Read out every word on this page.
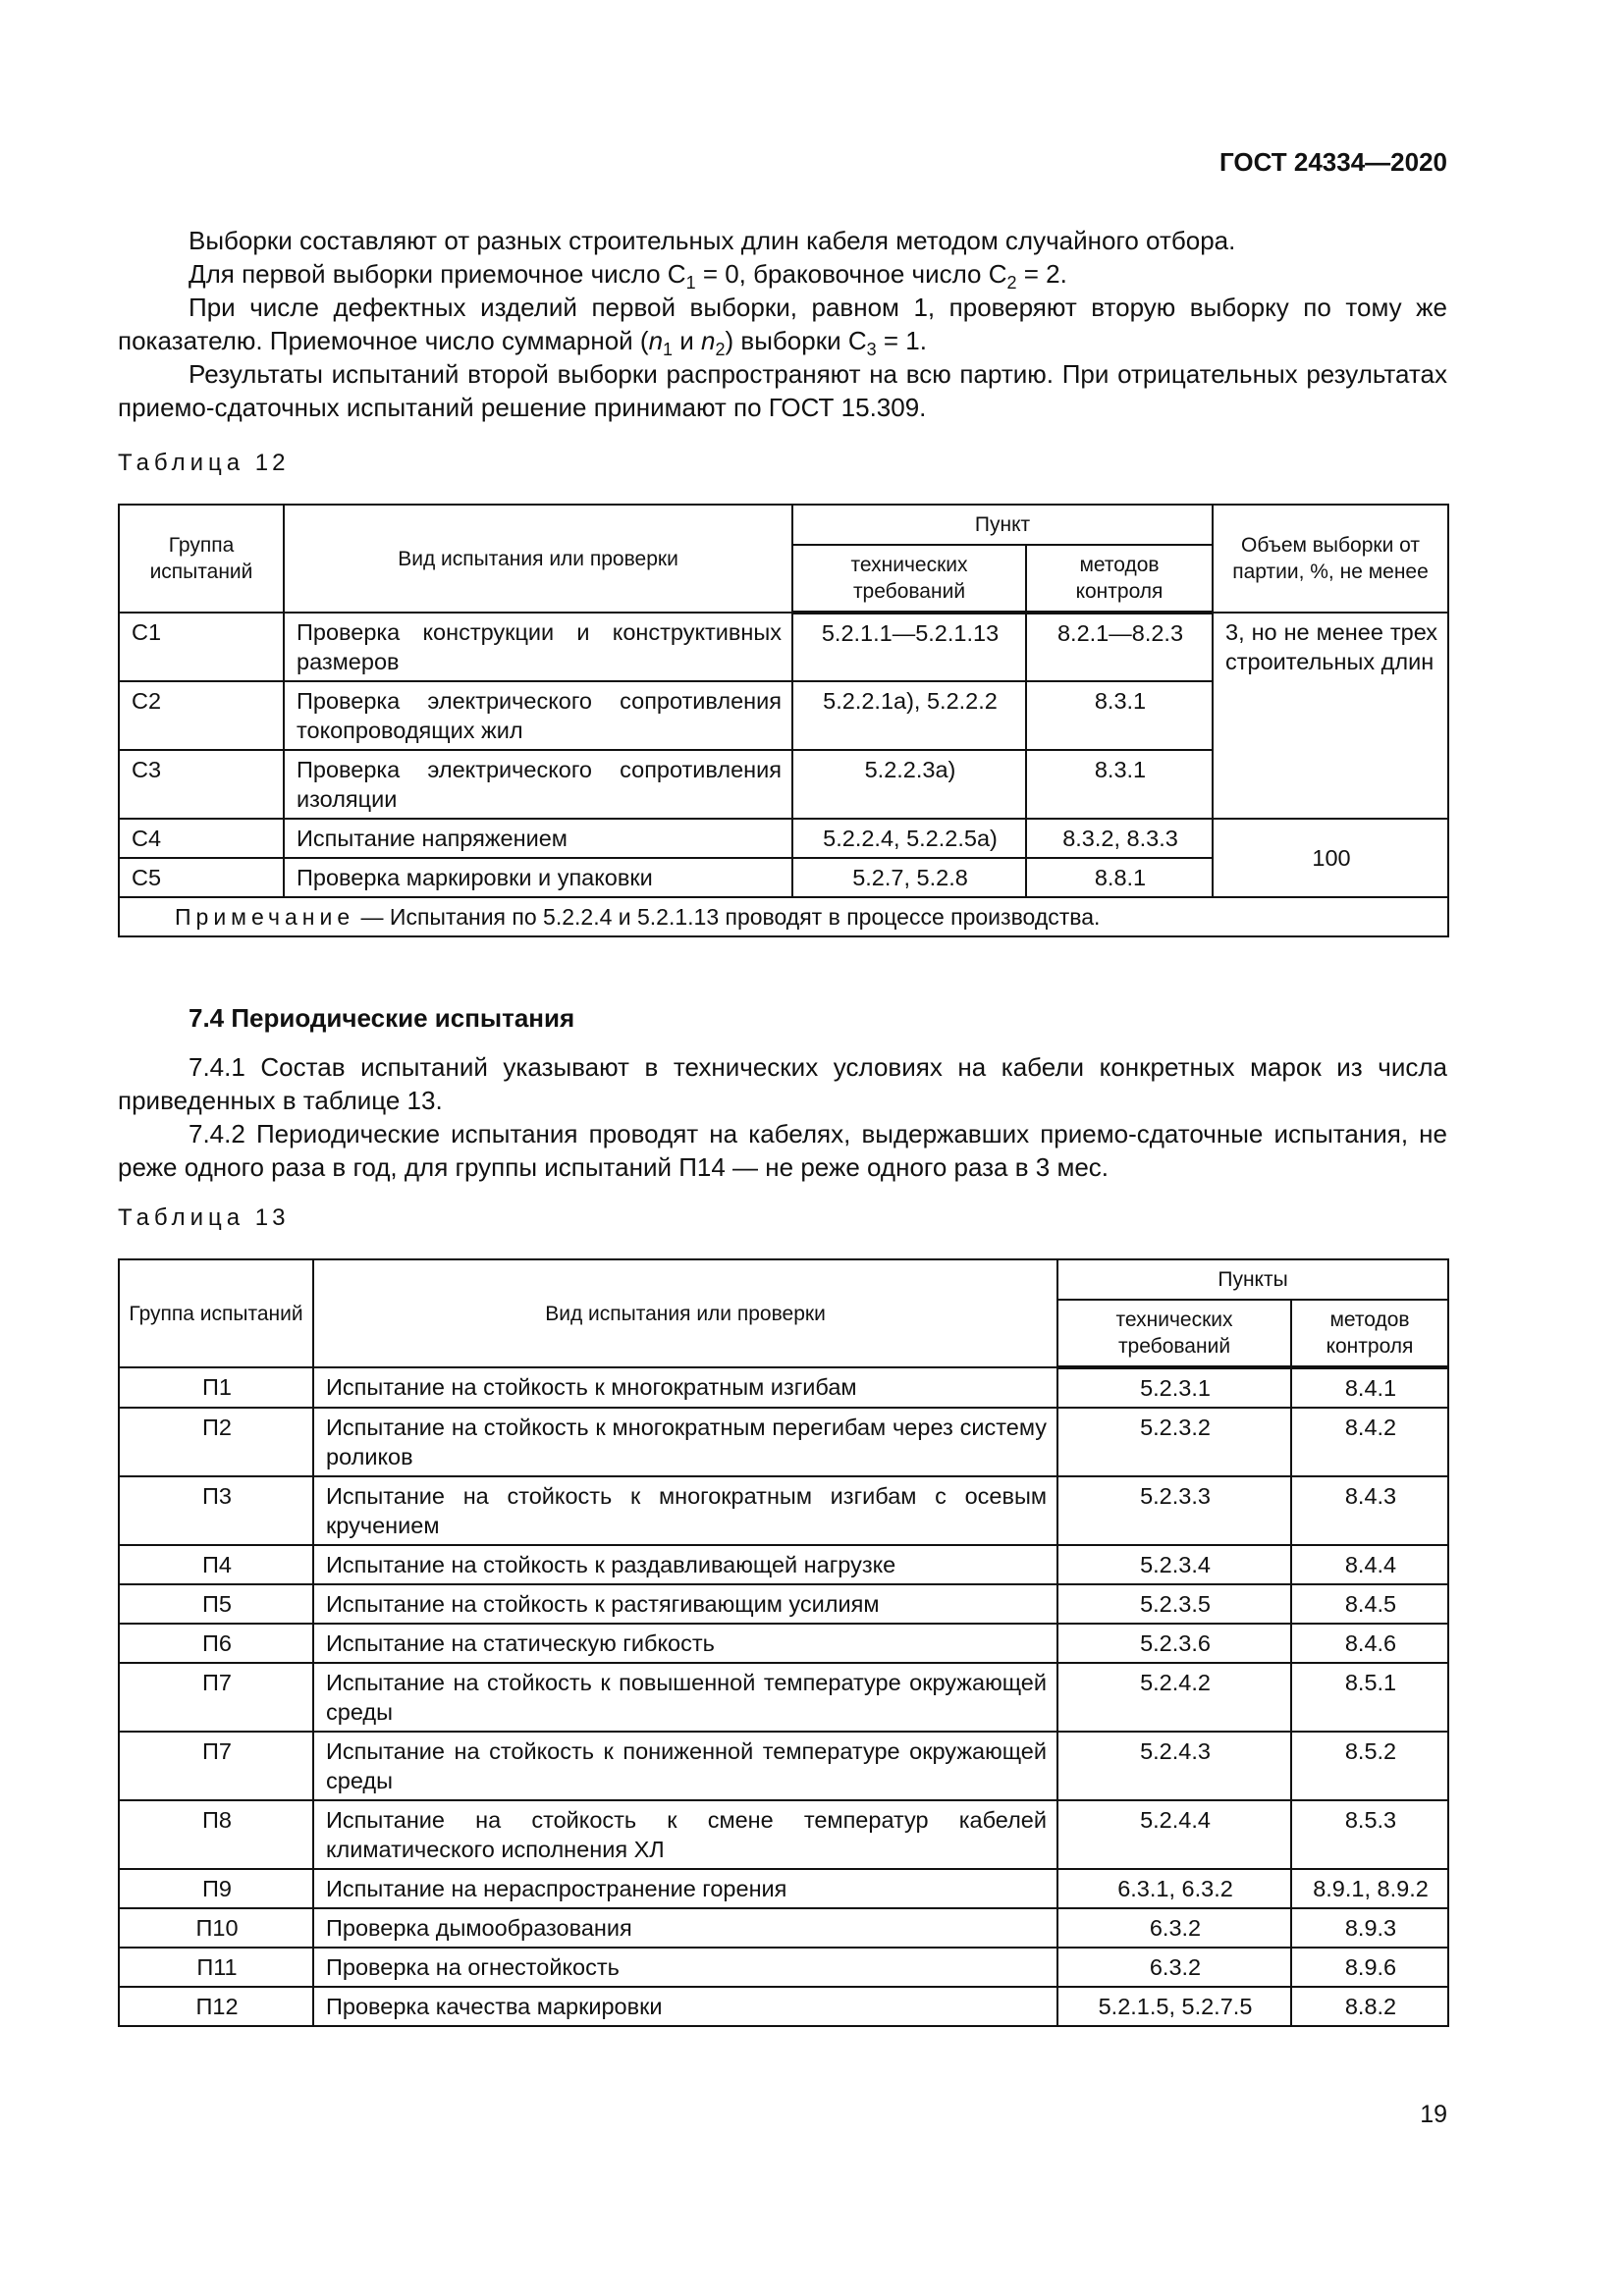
ГОСТ 24334—2020

Выборки составляют от разных строительных длин кабеля методом случайного отбора.

Для первой выборки приемочное число $С_1 = 0$, браковочное число $С_2 = 2$.

При числе дефектных изделий первой выборки, равном 1, проверяют вторую выборку по тому же показателю. Приемочное число суммарной ($n_1$ и $n_2$) выборки $С_3 = 1$.

Результаты испытаний второй выборки распространяют на всю партию. При отрицательных результатах приемо-сдаточных испытаний решение принимают по ГОСТ 15.309.

Таблица 12
Группа испытаний	Вид испытания или проверки	Пункт		Объем выборки от партии, %, не менее
		технических требований	методов контроля	
С1	Проверка конструкции и конструктивных размеров	5.2.1.1—5.2.1.13	8.2.1—8.2.3	3, но не менее трех строительных длин
С2	Проверка электрического сопротивления токопроводящих жил	5.2.2.1а), 5.2.2.2	8.3.1	
С3	Проверка электрического сопротивления изоляции	5.2.2.3а)	8.3.1	
С4	Испытание напряжением	5.2.2.4, 5.2.2.5а)	8.3.2, 8.3.3	100
С5	Проверка маркировки и упаковки	5.2.7, 5.2.8	8.8.1	
Примечание — Испытания по 5.2.2.4 и 5.2.1.13 проводят в процессе производства.				
7.4 Периодические испытания

7.4.1 Состав испытаний указывают в технических условиях на кабели конкретных марок из числа приведенных в таблице 13.

7.4.2 Периодические испытания проводят на кабелях, выдержавших приемо-сдаточные испытания, не реже одного раза в год, для группы испытаний П14 — не реже одного раза в 3 мес.

Таблица 13
Группа испытаний	Вид испытания или проверки	Пункты	
		технических требований	методов контроля
П1	Испытание на стойкость к многократным изгибам	5.2.3.1	8.4.1
П2	Испытание на стойкость к многократным перегибам через систему роликов	5.2.3.2	8.4.2
П3	Испытание на стойкость к многократным изгибам с осевым кручением	5.2.3.3	8.4.3
П4	Испытание на стойкость к раздавливающей нагрузке	5.2.3.4	8.4.4
П5	Испытание на стойкость к растягивающим усилиям	5.2.3.5	8.4.5
П6	Испытание на статическую гибкость	5.2.3.6	8.4.6
П7	Испытание на стойкость к повышенной температуре окружающей среды	5.2.4.2	8.5.1
П7	Испытание на стойкость к пониженной температуре окружающей среды	5.2.4.3	8.5.2
П8	Испытание на стойкость к смене температур кабелей климатического исполнения ХЛ	5.2.4.4	8.5.3
П9	Испытание на нераспространение горения	6.3.1, 6.3.2	8.9.1, 8.9.2
П10	Проверка дымообразования	6.3.2	8.9.3
П11	Проверка на огнестойкость	6.3.2	8.9.6
П12	Проверка качества маркировки	5.2.1.5, 5.2.7.5	8.8.2
19
